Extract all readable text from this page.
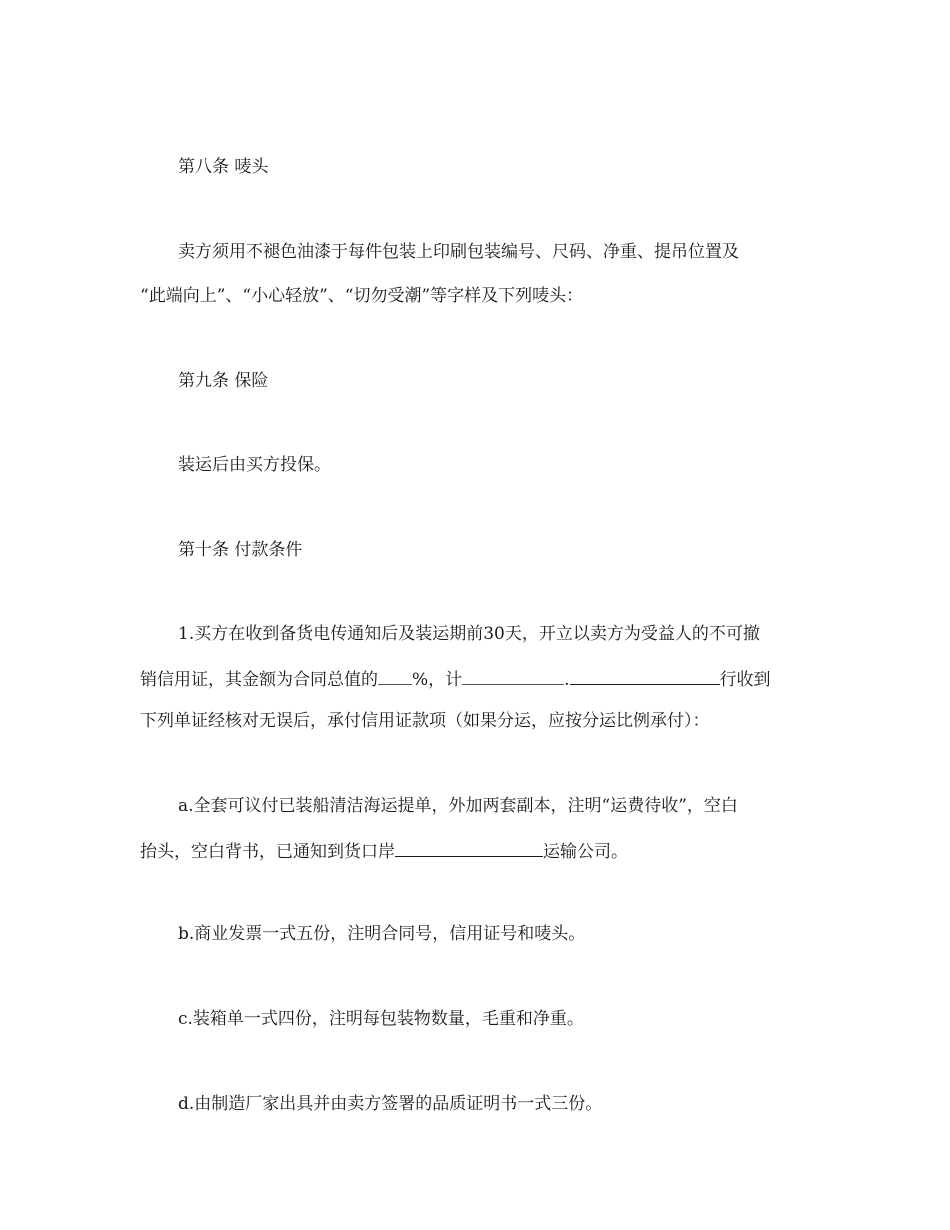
第八条 唛头
卖方须用不褪色油漆于每件包装上印刷包装编号、尺码、净重、提吊位置及
“此端向上”、“小心轻放”、“切勿受潮”等字样及下列唛头：
第九条 保险
装运后由买方投保。
第十条 付款条件
1.买方在收到备货电传通知后及装运期前30天，开立以卖方为受益人的不可撤
销信用证，其金额为合同总值的 %，计	.	行收到
下列单证经核对无误后，承付信用证款项（如果分运，应按分运比例承付）：
a.全套可议付已装船清洁海运提单，外加两套副本，注明“运费待收”，空白
抬头，空白背书，已通知到货口岸	运输公司。
b.商业发票一式五份，注明合同号，信用证号和唛头。
c.装箱单一式四份，注明每包装物数量，毛重和净重。
d.由制造厂家出具并由卖方签署的品质证明书一式三份。
